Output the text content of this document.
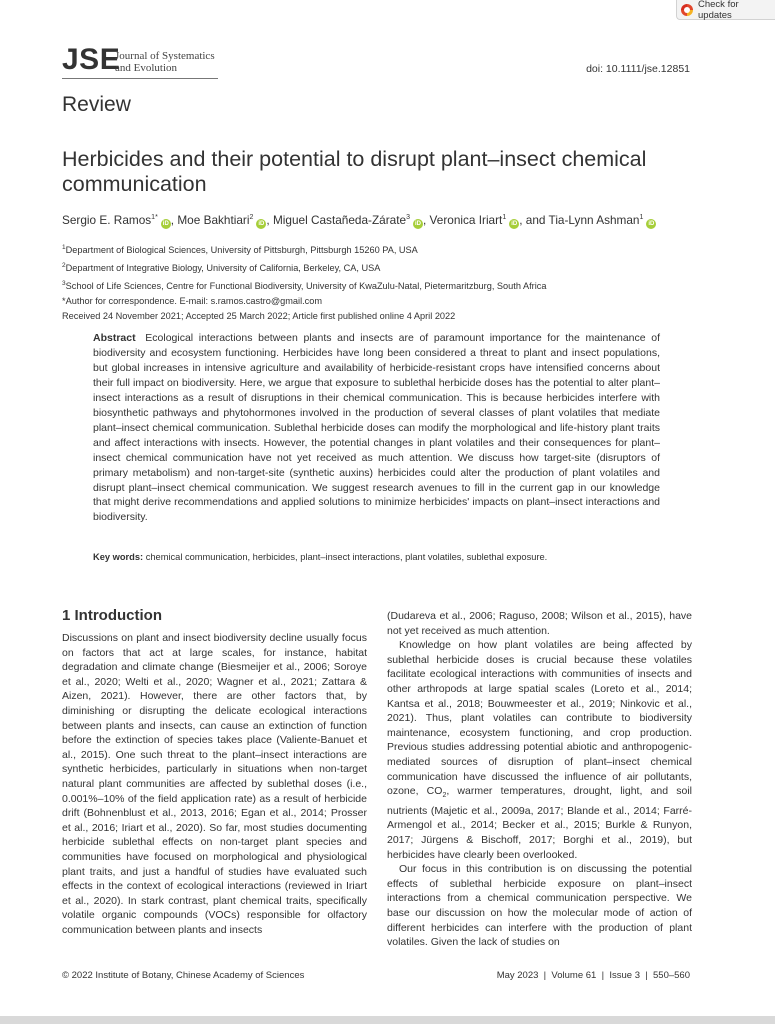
Check for updates
JSE
Journal of Systematics
and Evolution	doi: 10.1111/jse.12851
Review
Herbicides and their potential to disrupt plant–insect chemical communication
Sergio E. Ramos$^{1*}$iD , Moe Bakhtiari$^2$iD , Miguel Castañeda-Zárate$^3$iD , Veronica Iriart$^1$iD , and Tia-Lynn Ashman$^1$iD
$^1$Department of Biological Sciences, University of Pittsburgh, Pittsburgh 15260 PA, USA
$^2$Department of Integrative Biology, University of California, Berkeley, CA, USA
$^3$School of Life Sciences, Centre for Functional Biodiversity, University of KwaZulu-Natal, Pietermaritzburg, South Africa
*Author for correspondence. E-mail: s.ramos.castro@gmail.com
Received 24 November 2021; Accepted 25 March 2022; Article first published online 4 April 2022
Abstract Ecological interactions between plants and insects are of paramount importance for the maintenance of biodiversity and ecosystem functioning. Herbicides have long been considered a threat to plant and insect populations, but global increases in intensive agriculture and availability of herbicide-resistant crops have intensified concerns about their full impact on biodiversity. Here, we argue that exposure to sublethal herbicide doses has the potential to alter plant–insect interactions as a result of disruptions in their chemical communication. This is because herbicides interfere with biosynthetic pathways and phytohormones involved in the production of several classes of plant volatiles that mediate plant–insect chemical communication. Sublethal herbicide doses can modify the morphological and life-history plant traits and affect interactions with insects. However, the potential changes in plant volatiles and their consequences for plant–insect chemical communication have not yet received as much attention. We discuss how target-site (disruptors of primary metabolism) and non-target-site (synthetic auxins) herbicides could alter the production of plant volatiles and disrupt plant–insect chemical communication. We suggest research avenues to fill in the current gap in our knowledge that might derive recommendations and applied solutions to minimize herbicides' impacts on plant–insect interactions and biodiversity.
Key words: chemical communication, herbicides, plant–insect interactions, plant volatiles, sublethal exposure.
1 Introduction

Discussions on plant and insect biodiversity decline usually focus on factors that act at large scales, for instance, habitat degradation and climate change (Biesmeijer et al., 2006; Soroye et al., 2020; Welti et al., 2020; Wagner et al., 2021; Zattara & Aizen, 2021). However, there are other factors that, by diminishing or disrupting the delicate ecological interactions between plants and insects, can cause an extinction of function before the extinction of species takes place (Valiente-Banuet et al., 2015). One such threat to the plant–insect interactions are synthetic herbicides, particularly in situations when non-target natural plant communities are affected by sublethal doses (i.e., 0.001%–10% of the field application rate) as a result of herbicide drift (Bohnenblust et al., 2013, 2016; Egan et al., 2014; Prosser et al., 2016; Iriart et al., 2020). So far, most studies documenting herbicide sublethal effects on non-target plant species and communities have focused on morphological and physiological plant traits, and just a handful of studies have evaluated such effects in the context of ecological interactions (reviewed in Iriart et al., 2020). In stark contrast, plant chemical traits, specifically volatile organic compounds (VOCs) responsible for olfactory communication between plants and insects

(Dudareva et al., 2006; Raguso, 2008; Wilson et al., 2015), have not yet received as much attention.

Knowledge on how plant volatiles are being affected by sublethal herbicide doses is crucial because these volatiles facilitate ecological interactions with communities of insects and other arthropods at large spatial scales (Loreto et al., 2014; Kantsa et al., 2018; Bouwmeester et al., 2019; Ninkovic et al., 2021). Thus, plant volatiles can contribute to biodiversity maintenance, ecosystem functioning, and crop production. Previous studies addressing potential abiotic and anthropogenic-mediated sources of disruption of plant–insect chemical communication have discussed the influence of air pollutants, ozone, $CO_2$, warmer temperatures, drought, light, and soil nutrients (Majetic et al., 2009a, 2017; Blande et al., 2014; Farré-Armengol et al., 2014; Becker et al., 2015; Burkle & Runyon, 2017; Jürgens & Bischoff, 2017; Borghi et al., 2019), but herbicides have clearly been overlooked.

Our focus in this contribution is on discussing the potential effects of sublethal herbicide exposure on plant–insect interactions from a chemical communication perspective. We base our discussion on how the molecular mode of action of different herbicides can interfere with the production of plant volatiles. Given the lack of studies on

© 2022 Institute of Botany, Chinese Academy of Sciences	May 2023  |  Volume 61  |  Issue 3  |  550–560
